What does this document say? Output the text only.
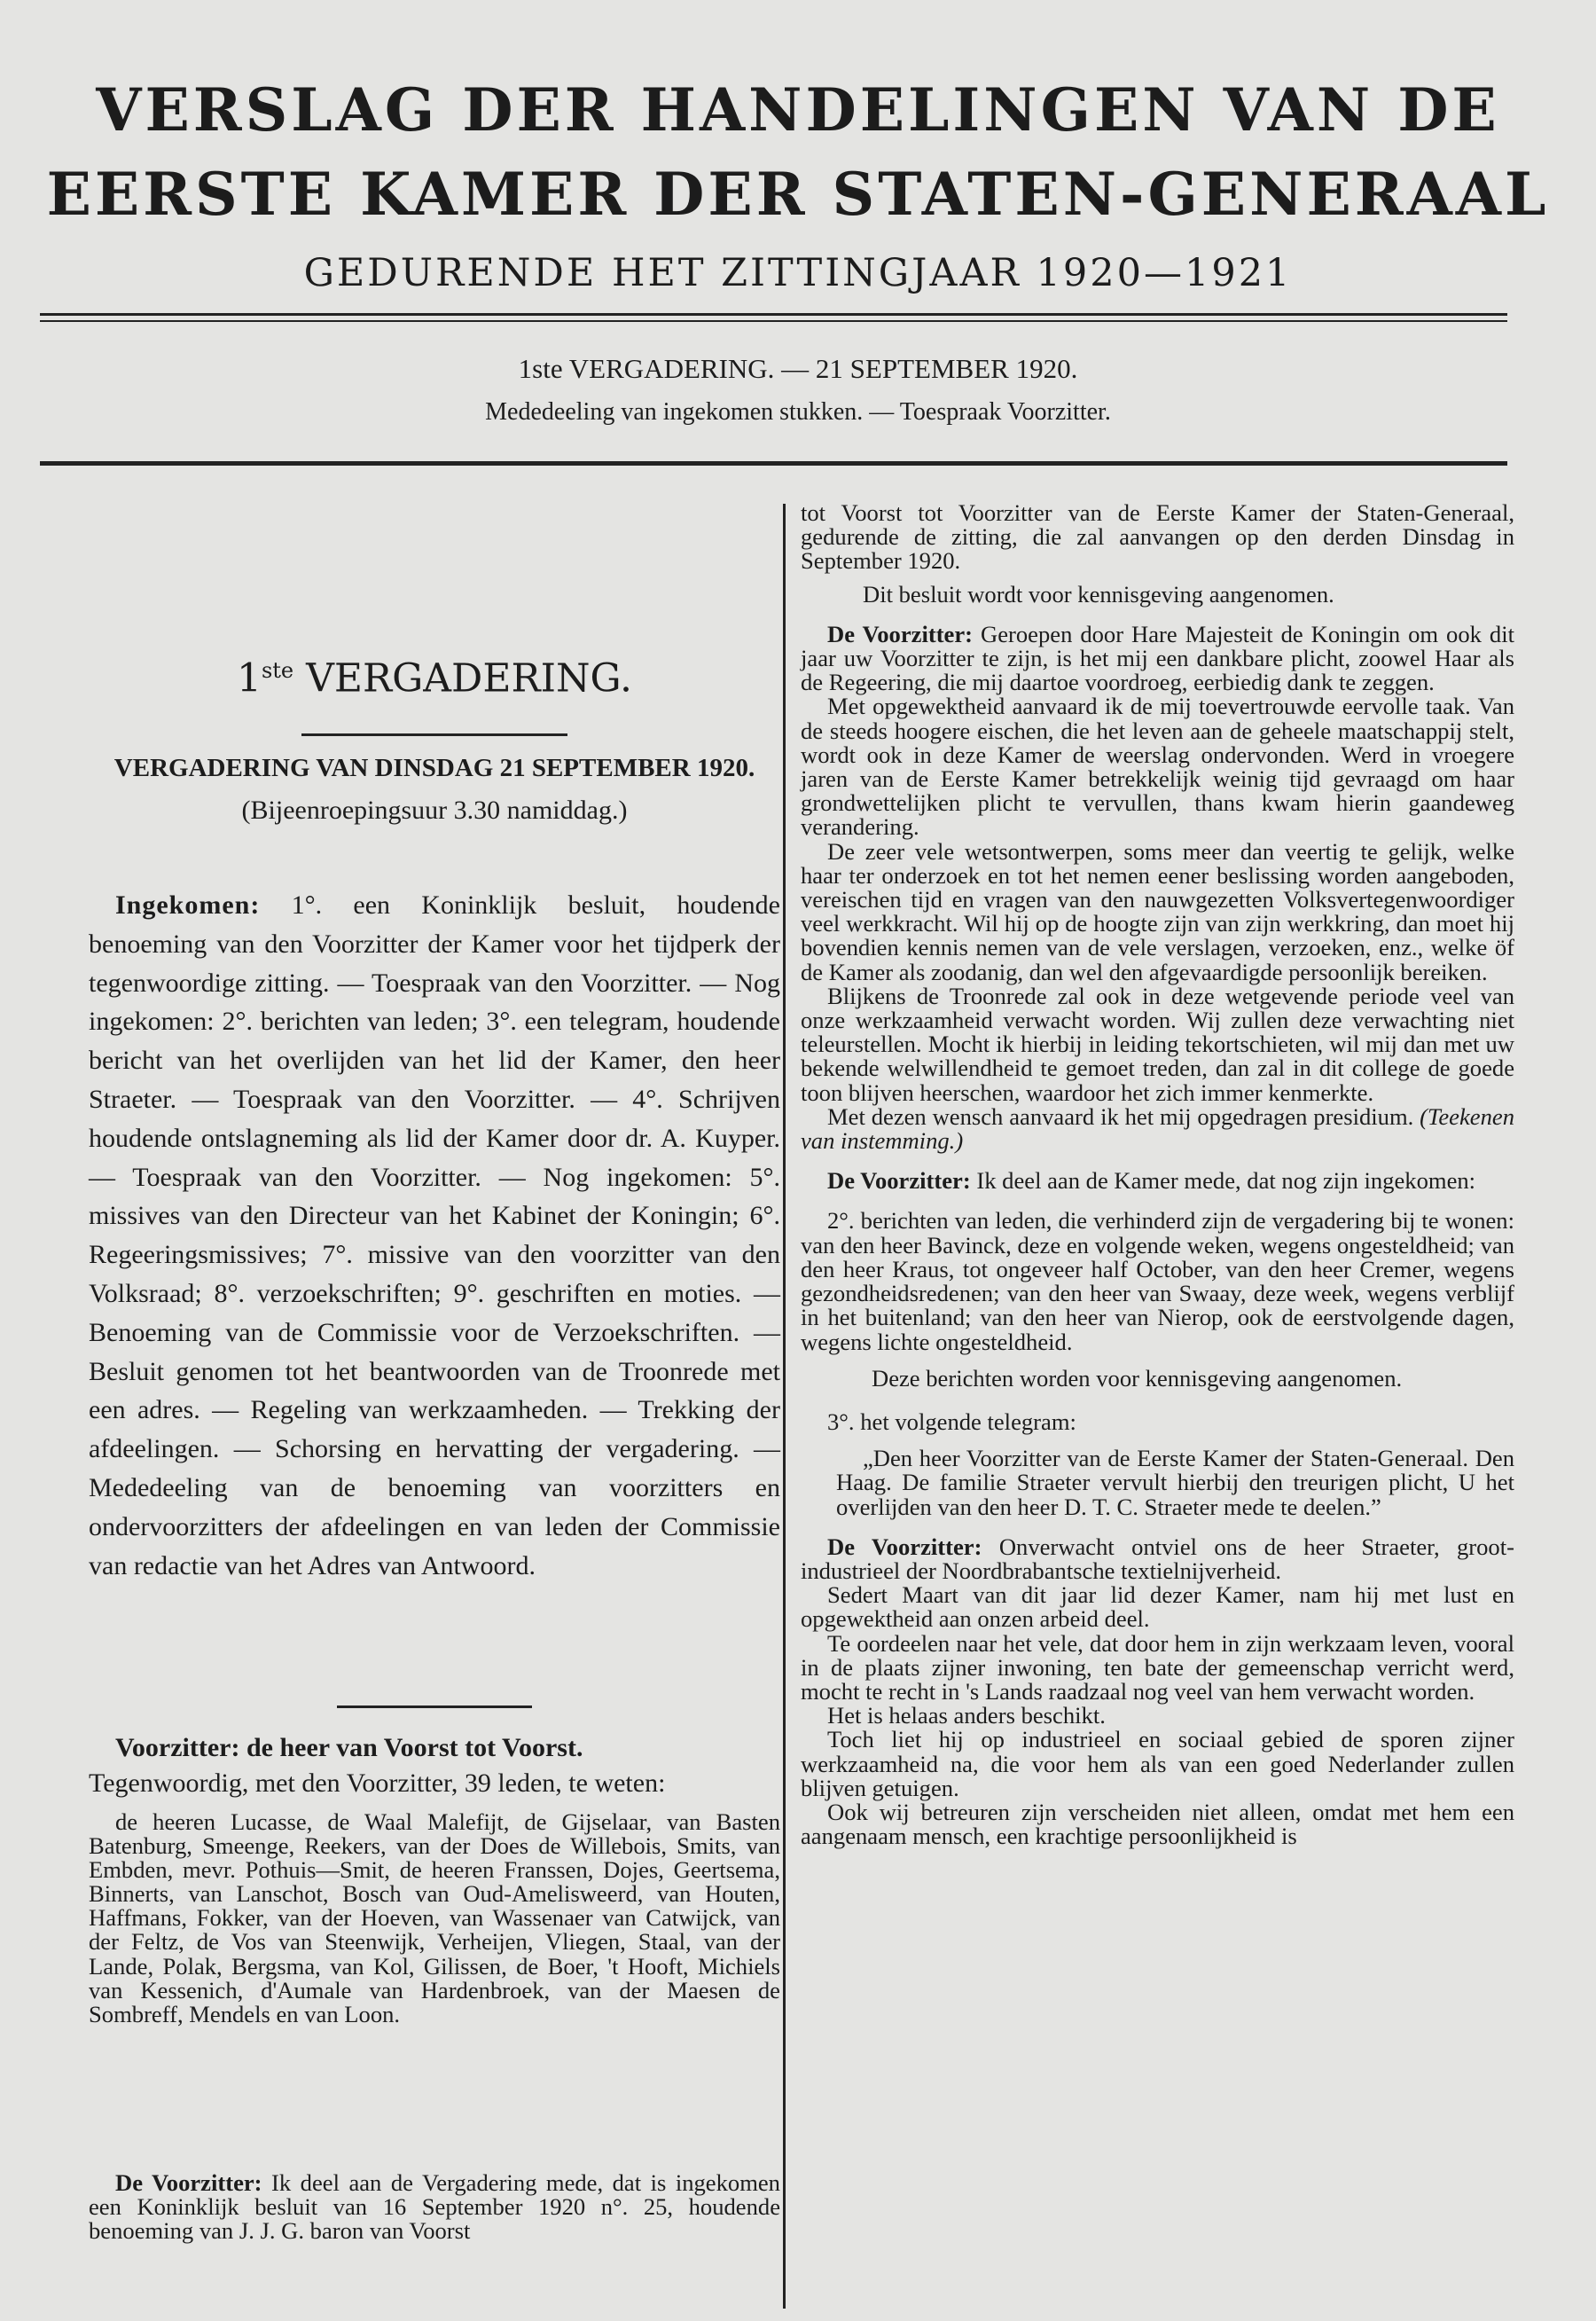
VERSLAG DER HANDELINGEN VAN DE
EERSTE KAMER DER STATEN-GENERAAL
GEDURENDE HET ZITTINGJAAR 1920—1921
1ste VERGADERING. — 21 SEPTEMBER 1920.
Mededeeling van ingekomen stukken. — Toespraak Voorzitter.
1ste VERGADERING.
VERGADERING VAN DINSDAG 21 SEPTEMBER 1920.
(Bijeenroepingsuur 3.30 namiddag.)

Ingekomen: 1°. een Koninklijk besluit, houdende benoeming van den Voorzitter der Kamer voor het tijdperk der tegenwoordige zitting. — Toespraak van den Voorzitter. — Nog ingekomen: 2°. berichten van leden; 3°. een telegram, houdende bericht van het overlijden van het lid der Kamer, den heer Straeter. — Toespraak van den Voorzitter. — 4°. Schrijven houdende ontslagneming als lid der Kamer door dr. A. Kuyper. — Toespraak van den Voorzitter. — Nog ingekomen: 5°. missives van den Directeur van het Kabinet der Koningin; 6°. Regeeringsmissives; 7°. missive van den voorzitter van den Volksraad; 8°. verzoekschriften; 9°. geschriften en moties. — Benoeming van de Commissie voor de Verzoekschriften. — Besluit genomen tot het beantwoorden van de Troonrede met een adres. — Regeling van werkzaamheden. — Trekking der afdeelingen. — Schorsing en hervatting der vergadering. — Mededeeling van de benoeming van voorzitters en ondervoorzitters der afdeelingen en van leden der Commissie van redactie van het Adres van Antwoord.

Voorzitter: de heer van Voorst tot Voorst.

Tegenwoordig, met den Voorzitter, 39 leden, te weten:

de heeren Lucasse, de Waal Malefijt, de Gijselaar, van Basten Batenburg, Smeenge, Reekers, van der Does de Willebois, Smits, van Embden, mevr. Pothuis—Smit, de heeren Franssen, Dojes, Geertsema, Binnerts, van Lanschot, Bosch van Oud-Amelisweerd, van Houten, Haffmans, Fokker, van der Hoeven, van Wassenaer van Catwijck, van der Feltz, de Vos van Steenwijk, Verheijen, Vliegen, Staal, van der Lande, Polak, Bergsma, van Kol, Gilissen, de Boer, 't Hooft, Michiels van Kessenich, d'Aumale van Hardenbroek, van der Maesen de Sombreff, Mendels en van Loon.

De Voorzitter: Ik deel aan de Vergadering mede, dat is ingekomen een Koninklijk besluit van 16 September 1920 n°. 25, houdende benoeming van J. J. G. baron van Voorst

tot Voorst tot Voorzitter van de Eerste Kamer der Staten-Generaal, gedurende de zitting, die zal aanvangen op den derden Dinsdag in September 1920.

Dit besluit wordt voor kennisgeving aangenomen.

De Voorzitter: Geroepen door Hare Majesteit de Koningin om ook dit jaar uw Voorzitter te zijn, is het mij een dankbare plicht, zoowel Haar als de Regeering, die mij daartoe voordroeg, eerbiedig dank te zeggen.

Met opgewektheid aanvaard ik de mij toevertrouwde eervolle taak. Van de steeds hoogere eischen, die het leven aan de geheele maatschappij stelt, wordt ook in deze Kamer de weerslag ondervonden. Werd in vroegere jaren van de Eerste Kamer betrekkelijk weinig tijd gevraagd om haar grondwettelijken plicht te vervullen, thans kwam hierin gaandeweg verandering.

De zeer vele wetsontwerpen, soms meer dan veertig te gelijk, welke haar ter onderzoek en tot het nemen eener beslissing worden aangeboden, vereischen tijd en vragen van den nauwgezetten Volksvertegenwoordiger veel werkkracht. Wil hij op de hoogte zijn van zijn werkkring, dan moet hij bovendien kennis nemen van de vele verslagen, verzoeken, enz., welke öf de Kamer als zoodanig, dan wel den afgevaardigde persoonlijk bereiken.

Blijkens de Troonrede zal ook in deze wetgevende periode veel van onze werkzaamheid verwacht worden. Wij zullen deze verwachting niet teleurstellen. Mocht ik hierbij in leiding tekortschieten, wil mij dan met uw bekende welwillendheid te gemoet treden, dan zal in dit college de goede toon blijven heerschen, waardoor het zich immer kenmerkte.

Met dezen wensch aanvaard ik het mij opgedragen presidium. (Teekenen van instemming.)

De Voorzitter: Ik deel aan de Kamer mede, dat nog zijn ingekomen:

2°. berichten van leden, die verhinderd zijn de vergadering bij te wonen: van den heer Bavinck, deze en volgende weken, wegens ongesteldheid; van den heer Kraus, tot ongeveer half October, van den heer Cremer, wegens gezondheidsredenen; van den heer van Swaay, deze week, wegens verblijf in het buitenland; van den heer van Nierop, ook de eerstvolgende dagen, wegens lichte ongesteldheid.

Deze berichten worden voor kennisgeving aangenomen.

3°. het volgende telegram:

„Den heer Voorzitter van de Eerste Kamer der Staten-Generaal. Den Haag. De familie Straeter vervult hierbij den treurigen plicht, U het overlijden van den heer D. T. C. Straeter mede te deelen.”

De Voorzitter: Onverwacht ontviel ons de heer Straeter, groot-industrieel der Noordbrabantsche textielnijverheid.

Sedert Maart van dit jaar lid dezer Kamer, nam hij met lust en opgewektheid aan onzen arbeid deel.

Te oordeelen naar het vele, dat door hem in zijn werkzaam leven, vooral in de plaats zijner inwoning, ten bate der gemeenschap verricht werd, mocht te recht in 's Lands raadzaal nog veel van hem verwacht worden.

Het is helaas anders beschikt.

Toch liet hij op industrieel en sociaal gebied de sporen zijner werkzaamheid na, die voor hem als van een goed Nederlander zullen blijven getuigen.

Ook wij betreuren zijn verscheiden niet alleen, omdat met hem een aangenaam mensch, een krachtige persoonlijkheid is
